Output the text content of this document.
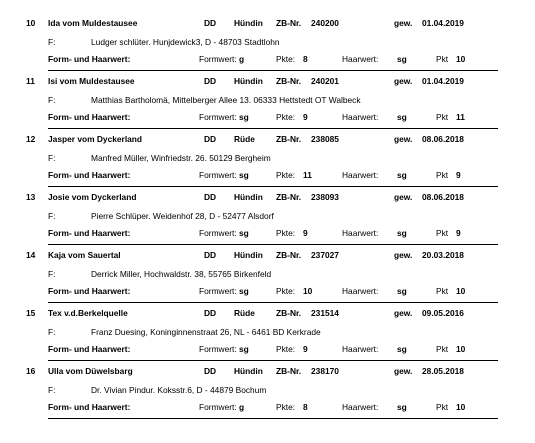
10 Ida vom Muldestausee	DD Hündin ZB-Nr. 240200	gew. 01.04.2019
F:	Ludger schlüter. Hunjdewick3, D - 48703 Stadtlohn
Form- und Haarwert:	Formwert: g	Pkte: 8	Haarwert: sg	Pkt 10
11 Isi vom Muldestausee	DD Hündin ZB-Nr. 240201	gew. 01.04.2019
F:	Matthias Bartholomä, Mittelberger Allee 13. 06333 Hettstedt OT Walbeck
Form- und Haarwert:	Formwert: sg	Pkte: 9	Haarwert: sg	Pkt 11
12 Jasper vom Dyckerland	DD Rüde	ZB-Nr. 238085	gew. 08.06.2018
F:	Manfred Müller, Winfriedstr. 26. 50129 Bergheim
Form- und Haarwert:	Formwert: sg	Pkte: 11	Haarwert: sg	Pkt 9
13 Josie vom Dyckerland	DD Hündin ZB-Nr. 238093	gew. 08.06.2018
F:	Pierre Schlüper. Weidenhof 28, D - 52477 Alsdorf
Form- und Haarwert:	Formwert: sg	Pkte: 9	Haarwert: sg	Pkt 9
14 Kaja vom Sauertal	DD Hündin ZB-Nr. 237027	gew. 20.03.2018
F:	Derrick Miller, Hochwaldstr. 38, 55765 Birkenfeld
Form- und Haarwert:	Formwert: sg	Pkte: 10	Haarwert: sg	Pkt 10
15 Tex v.d.Berkelquelle	DD Rüde	ZB-Nr. 231514	gew. 09.05.2016
F:	Franz Duesing, Koninginnenstraat 26, NL - 6461 BD Kerkrade
Form- und Haarwert:	Formwert: sg	Pkte: 9	Haarwert: sg	Pkt 10
16 Ulla vom Düwelsbarg	DD Hündin ZB-Nr. 238170	gew. 28.05.2018
F:	Dr. Vivian Pindur. Koksstr.6, D - 44879 Bochum
Form- und Haarwert:	Formwert: g	Pkte: 8	Haarwert: sg	Pkt 10
